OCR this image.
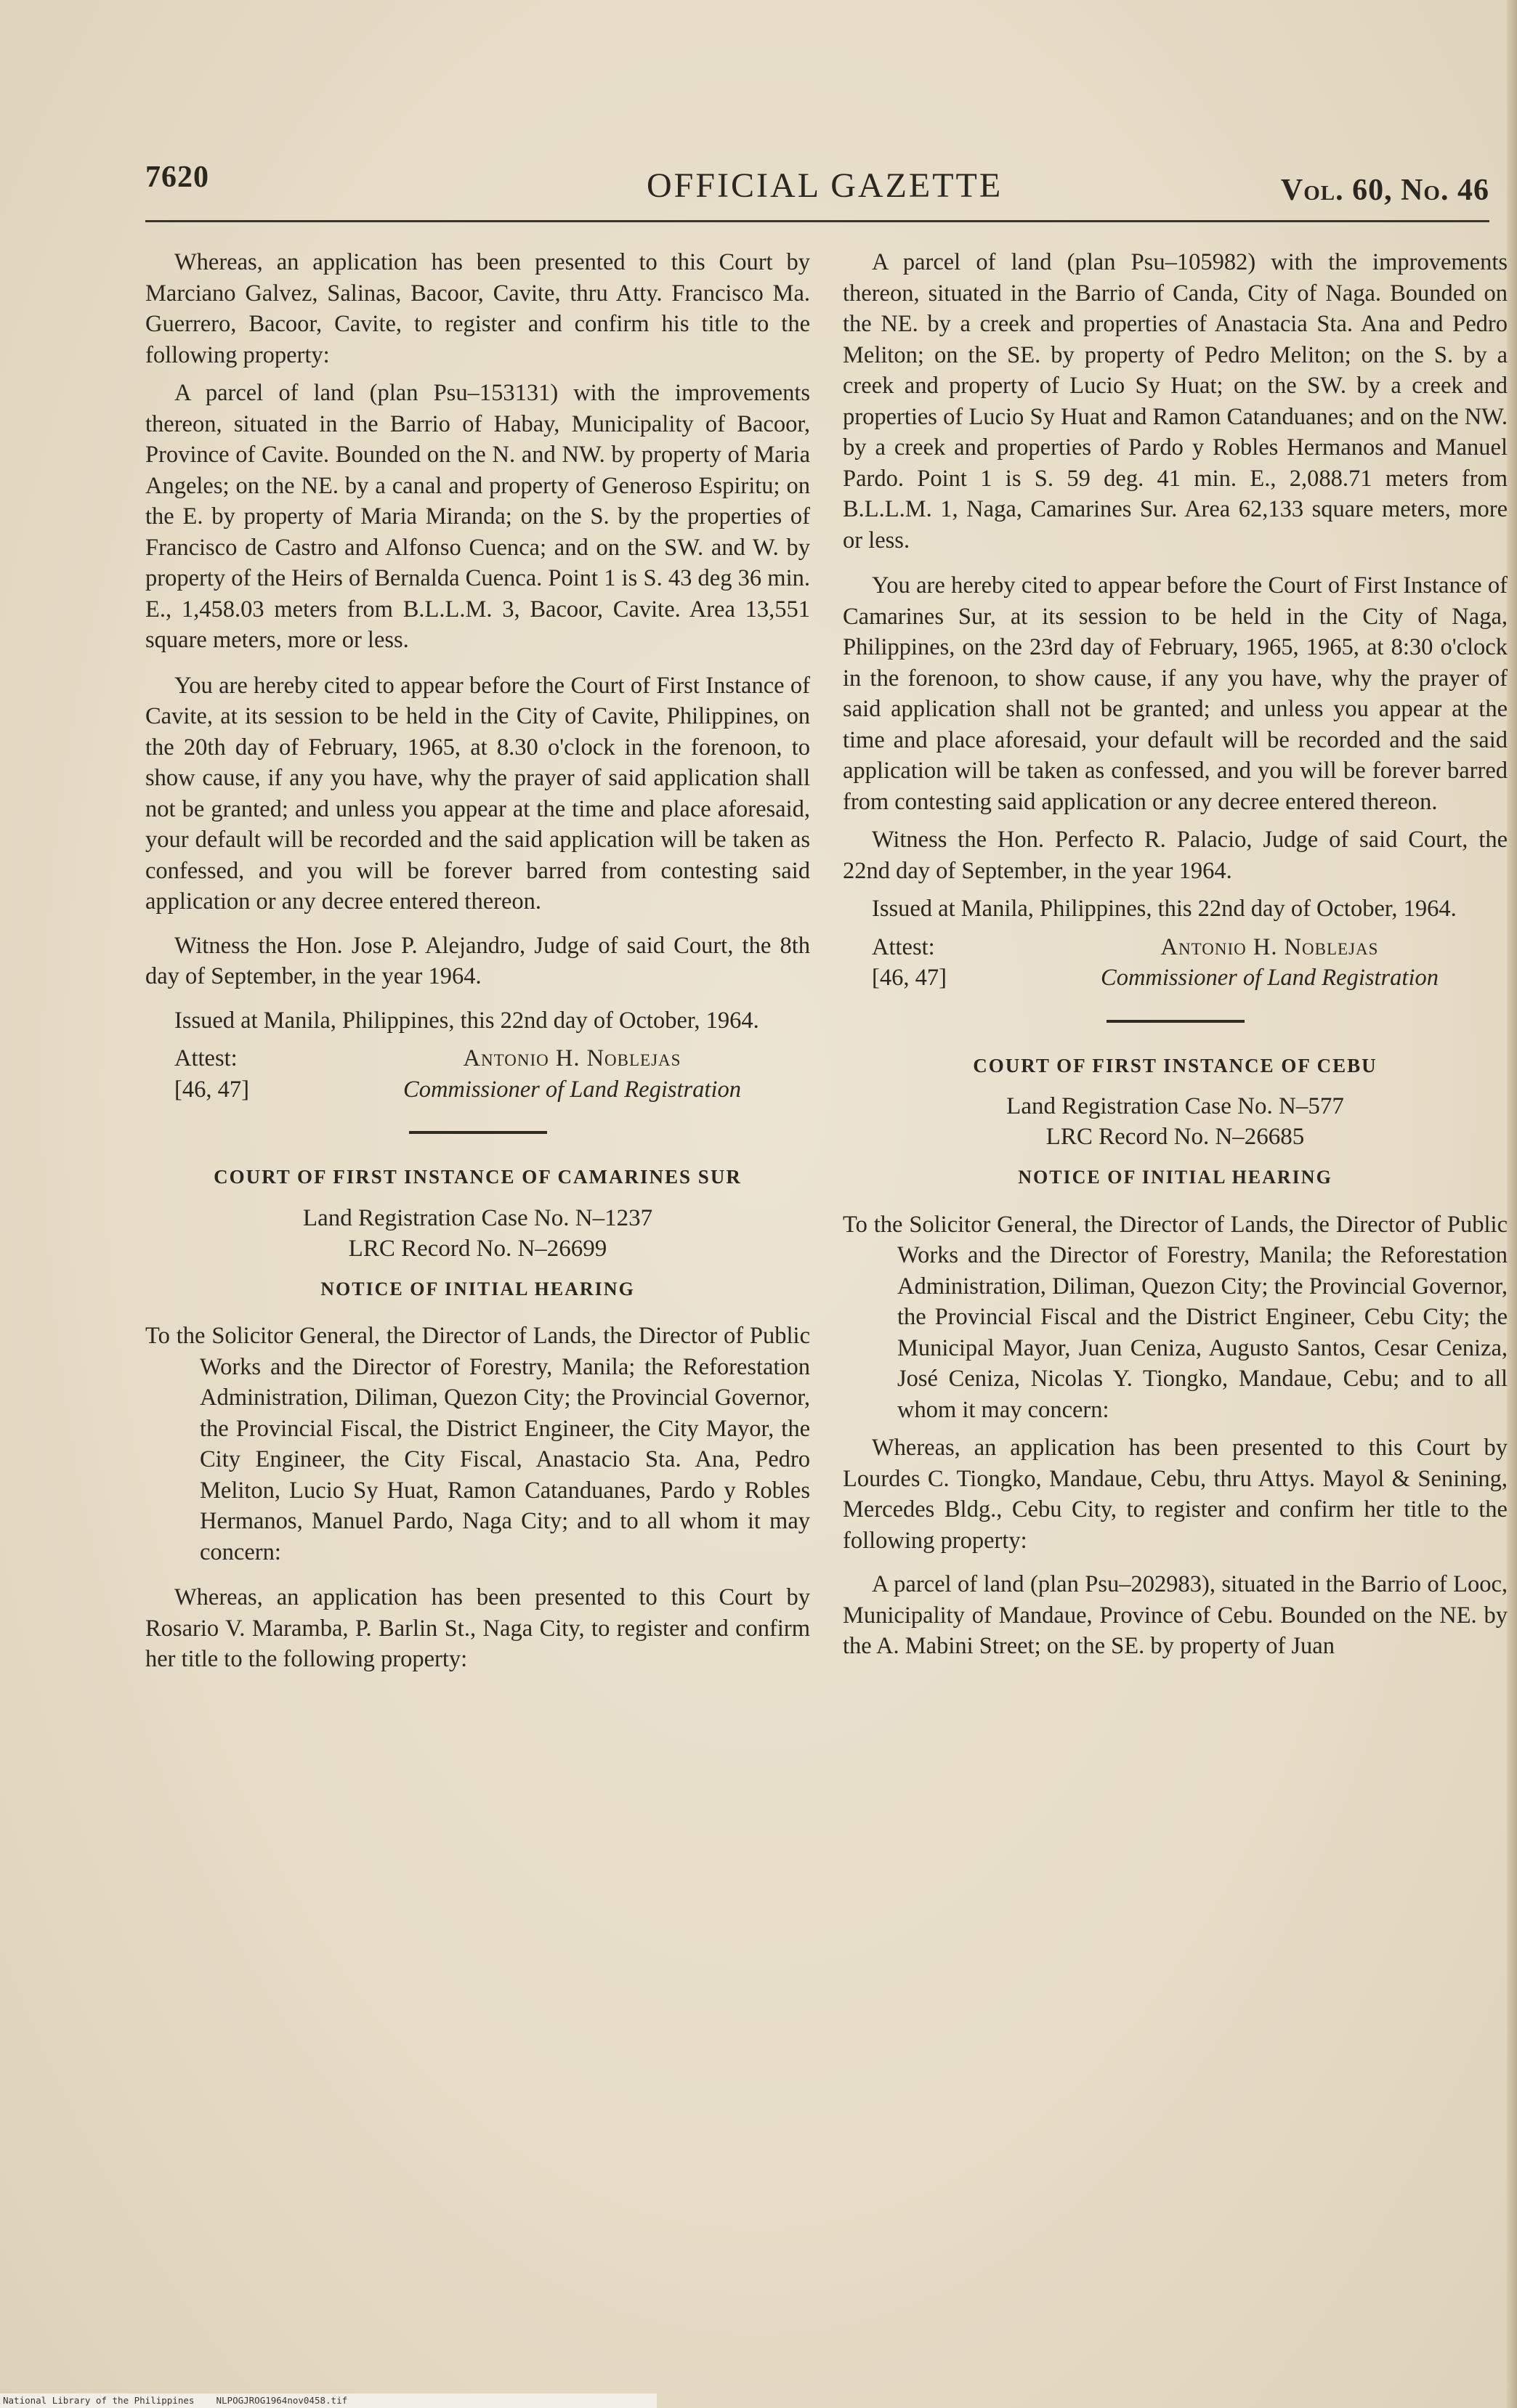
7620	OFFICIAL GAZETTE	Vol. 60, No. 46

Whereas, an application has been presented to this Court by Marciano Galvez, Salinas, Bacoor, Cavite, thru Atty. Francisco Ma. Guerrero, Bacoor, Cavite, to register and confirm his title to the following property:

A parcel of land (plan Psu–153131) with the improvements thereon, situated in the Barrio of Habay, Municipality of Bacoor, Province of Cavite. Bounded on the N. and NW. by property of Maria Angeles; on the NE. by a canal and property of Generoso Espiritu; on the E. by property of Maria Miranda; on the S. by the properties of Francisco de Castro and Alfonso Cuenca; and on the SW. and W. by property of the Heirs of Bernalda Cuenca. Point 1 is S. 43 deg 36 min. E., 1,458.03 meters from B.L.L.M. 3, Bacoor, Cavite. Area 13,551 square meters, more or less.

You are hereby cited to appear before the Court of First Instance of Cavite, at its session to be held in the City of Cavite, Philippines, on the 20th day of February, 1965, at 8.30 o'clock in the forenoon, to show cause, if any you have, why the prayer of said application shall not be granted; and unless you appear at the time and place aforesaid, your default will be recorded and the said application will be taken as confessed, and you will be forever barred from contesting said application or any decree entered thereon.

Witness the Hon. Jose P. Alejandro, Judge of said Court, the 8th day of September, in the year 1964.

Issued at Manila, Philippines, this 22nd day of October, 1964.

Attest:	Antonio H. Noblejas
[46, 47]	Commissioner of Land Registration
COURT OF FIRST INSTANCE OF CAMARINES SUR
Land Registration Case No. N–1237
LRC Record No. N–26699
NOTICE OF INITIAL HEARING

To the Solicitor General, the Director of Lands, the Director of Public Works and the Director of Forestry, Manila; the Reforestation Administration, Diliman, Quezon City; the Provincial Governor, the Provincial Fiscal, the District Engineer, the City Mayor, the City Engineer, the City Fiscal, Anastacio Sta. Ana, Pedro Meliton, Lucio Sy Huat, Ramon Catanduanes, Pardo y Robles Hermanos, Manuel Pardo, Naga City; and to all whom it may concern:

Whereas, an application has been presented to this Court by Rosario V. Maramba, P. Barlin St., Naga City, to register and confirm her title to the following property:

A parcel of land (plan Psu–105982) with the improvements thereon, situated in the Barrio of Canda, City of Naga. Bounded on the NE. by a creek and properties of Anastacia Sta. Ana and Pedro Meliton; on the SE. by property of Pedro Meliton; on the S. by a creek and property of Lucio Sy Huat; on the SW. by a creek and properties of Lucio Sy Huat and Ramon Catanduanes; and on the NW. by a creek and properties of Pardo y Robles Hermanos and Manuel Pardo. Point 1 is S. 59 deg. 41 min. E., 2,088.71 meters from B.L.L.M. 1, Naga, Camarines Sur. Area 62,133 square meters, more or less.

You are hereby cited to appear before the Court of First Instance of Camarines Sur, at its session to be held in the City of Naga, Philippines, on the 23rd day of February, 1965, 1965, at 8:30 o'clock in the forenoon, to show cause, if any you have, why the prayer of said application shall not be granted; and unless you appear at the time and place aforesaid, your default will be recorded and the said application will be taken as confessed, and you will be forever barred from contesting said application or any decree entered thereon.

Witness the Hon. Perfecto R. Palacio, Judge of said Court, the 22nd day of September, in the year 1964.

Issued at Manila, Philippines, this 22nd day of October, 1964.

Attest:	Antonio H. Noblejas
[46, 47]	Commissioner of Land Registration
COURT OF FIRST INSTANCE OF CEBU
Land Registration Case No. N–577
LRC Record No. N–26685
NOTICE OF INITIAL HEARING

To the Solicitor General, the Director of Lands, the Director of Public Works and the Director of Forestry, Manila; the Reforestation Administration, Diliman, Quezon City; the Provincial Governor, the Provincial Fiscal and the District Engineer, Cebu City; the Municipal Mayor, Juan Ceniza, Augusto Santos, Cesar Ceniza, José Ceniza, Nicolas Y. Tiongko, Mandaue, Cebu; and to all whom it may concern:

Whereas, an application has been presented to this Court by Lourdes C. Tiongko, Mandaue, Cebu, thru Attys. Mayol & Senining, Mercedes Bldg., Cebu City, to register and confirm her title to the following property:

A parcel of land (plan Psu–202983), situated in the Barrio of Looc, Municipality of Mandaue, Province of Cebu. Bounded on the NE. by the A. Mabini Street; on the SE. by property of Juan

National Library of the Philippines    NLPOGJROG1964nov0458.tif
